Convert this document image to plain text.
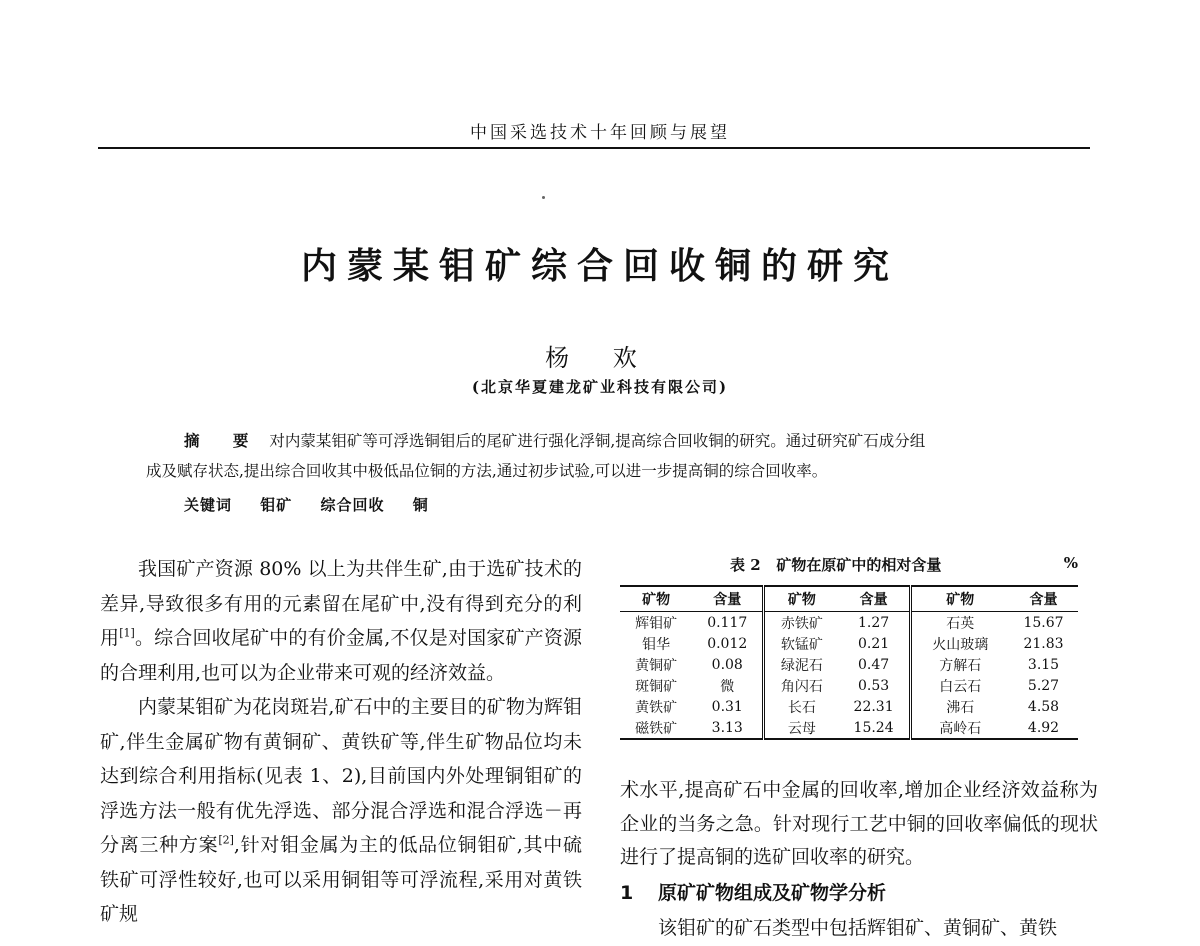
中国采选技术十年回顾与展望
内蒙某钼矿综合回收铜的研究
杨 欢
(北京华夏建龙矿业科技有限公司)
摘 要 对内蒙某钼矿等可浮选铜钼后的尾矿进行强化浮铜,提高综合回收铜的研究。通过研究矿石成分组
成及赋存状态,提出综合回收其中极低品位铜的方法,通过初步试验,可以进一步提高铜的综合回收率。
关键词 钼矿 综合回收 铜

我国矿产资源 80% 以上为共伴生矿,由于选矿技术的差异,导致很多有用的元素留在尾矿中,没有得到充分的利用[1]。综合回收尾矿中的有价金属,不仅是对国家矿产资源的合理利用,也可以为企业带来可观的经济效益。

内蒙某钼矿为花岗斑岩,矿石中的主要目的矿物为辉钼矿,伴生金属矿物有黄铜矿、黄铁矿等,伴生矿物品位均未达到综合利用指标(见表 1、2),目前国内外处理铜钼矿的浮选方法一般有优先浮选、部分混合浮选和混合浮选－再分离三种方案[2],针对钼金属为主的低品位铜钼矿,其中硫铁矿可浮性较好,也可以采用铜钼等可浮流程,采用对黄铁矿规

表 2 矿物在原矿中的相对含量	%
矿物	含量	矿物	含量	矿物	含量
辉钼矿	0.117	赤铁矿	1.27	石英	15.67
钼华	0.012	软锰矿	0.21	火山玻璃	21.83
黄铜矿	0.08	绿泥石	0.47	方解石	3.15
斑铜矿	微	角闪石	0.53	白云石	5.27
黄铁矿	0.31	长石	22.31	沸石	4.58
磁铁矿	3.13	云母	15.24	高岭石	4.92

术水平,提高矿石中金属的回收率,增加企业经济效益称为企业的当务之急。针对现行工艺中铜的回收率偏低的现状进行了提高铜的选矿回收率的研究。

1 原矿矿物组成及矿物学分析

该钼矿的矿石类型中包括辉钼矿、黄铜矿、黄铁
